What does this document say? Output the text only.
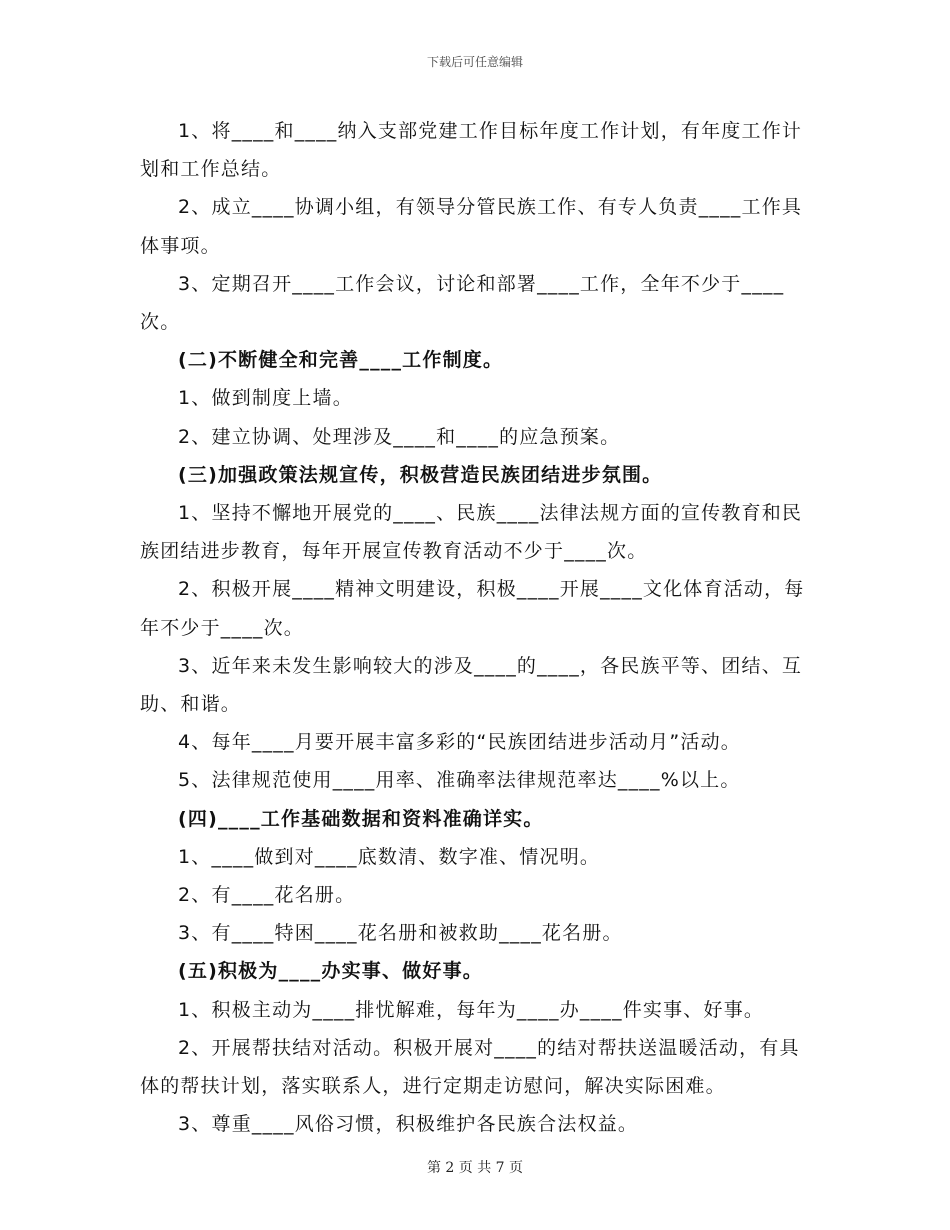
下载后可任意编辑

1、将____和____纳入支部党建工作目标年度工作计划，有年度工作计划和工作总结。

2、成立____协调小组，有领导分管民族工作、有专人负责____工作具体事项。

3、定期召开____工作会议，讨论和部署____工作，全年不少于____次。

(二)不断健全和完善____工作制度。

1、做到制度上墙。

2、建立协调、处理涉及____和____的应急预案。

(三)加强政策法规宣传，积极营造民族团结进步氛围。

1、坚持不懈地开展党的____、民族____法律法规方面的宣传教育和民族团结进步教育，每年开展宣传教育活动不少于____次。

2、积极开展____精神文明建设，积极____开展____文化体育活动，每年不少于____次。

3、近年来未发生影响较大的涉及____的____，各民族平等、团结、互助、和谐。

4、每年____月要开展丰富多彩的“民族团结进步活动月”活动。

5、法律规范使用____用率、准确率法律规范率达____%以上。

(四)____工作基础数据和资料准确详实。

1、____做到对____底数清、数字准、情况明。

2、有____花名册。

3、有____特困____花名册和被救助____花名册。

(五)积极为____办实事、做好事。

1、积极主动为____排忧解难，每年为____办____件实事、好事。

2、开展帮扶结对活动。积极开展对____的结对帮扶送温暖活动，有具体的帮扶计划，落实联系人，进行定期走访慰问，解决实际困难。

3、尊重____风俗习惯，积极维护各民族合法权益。

第 2 页 共 7 页
